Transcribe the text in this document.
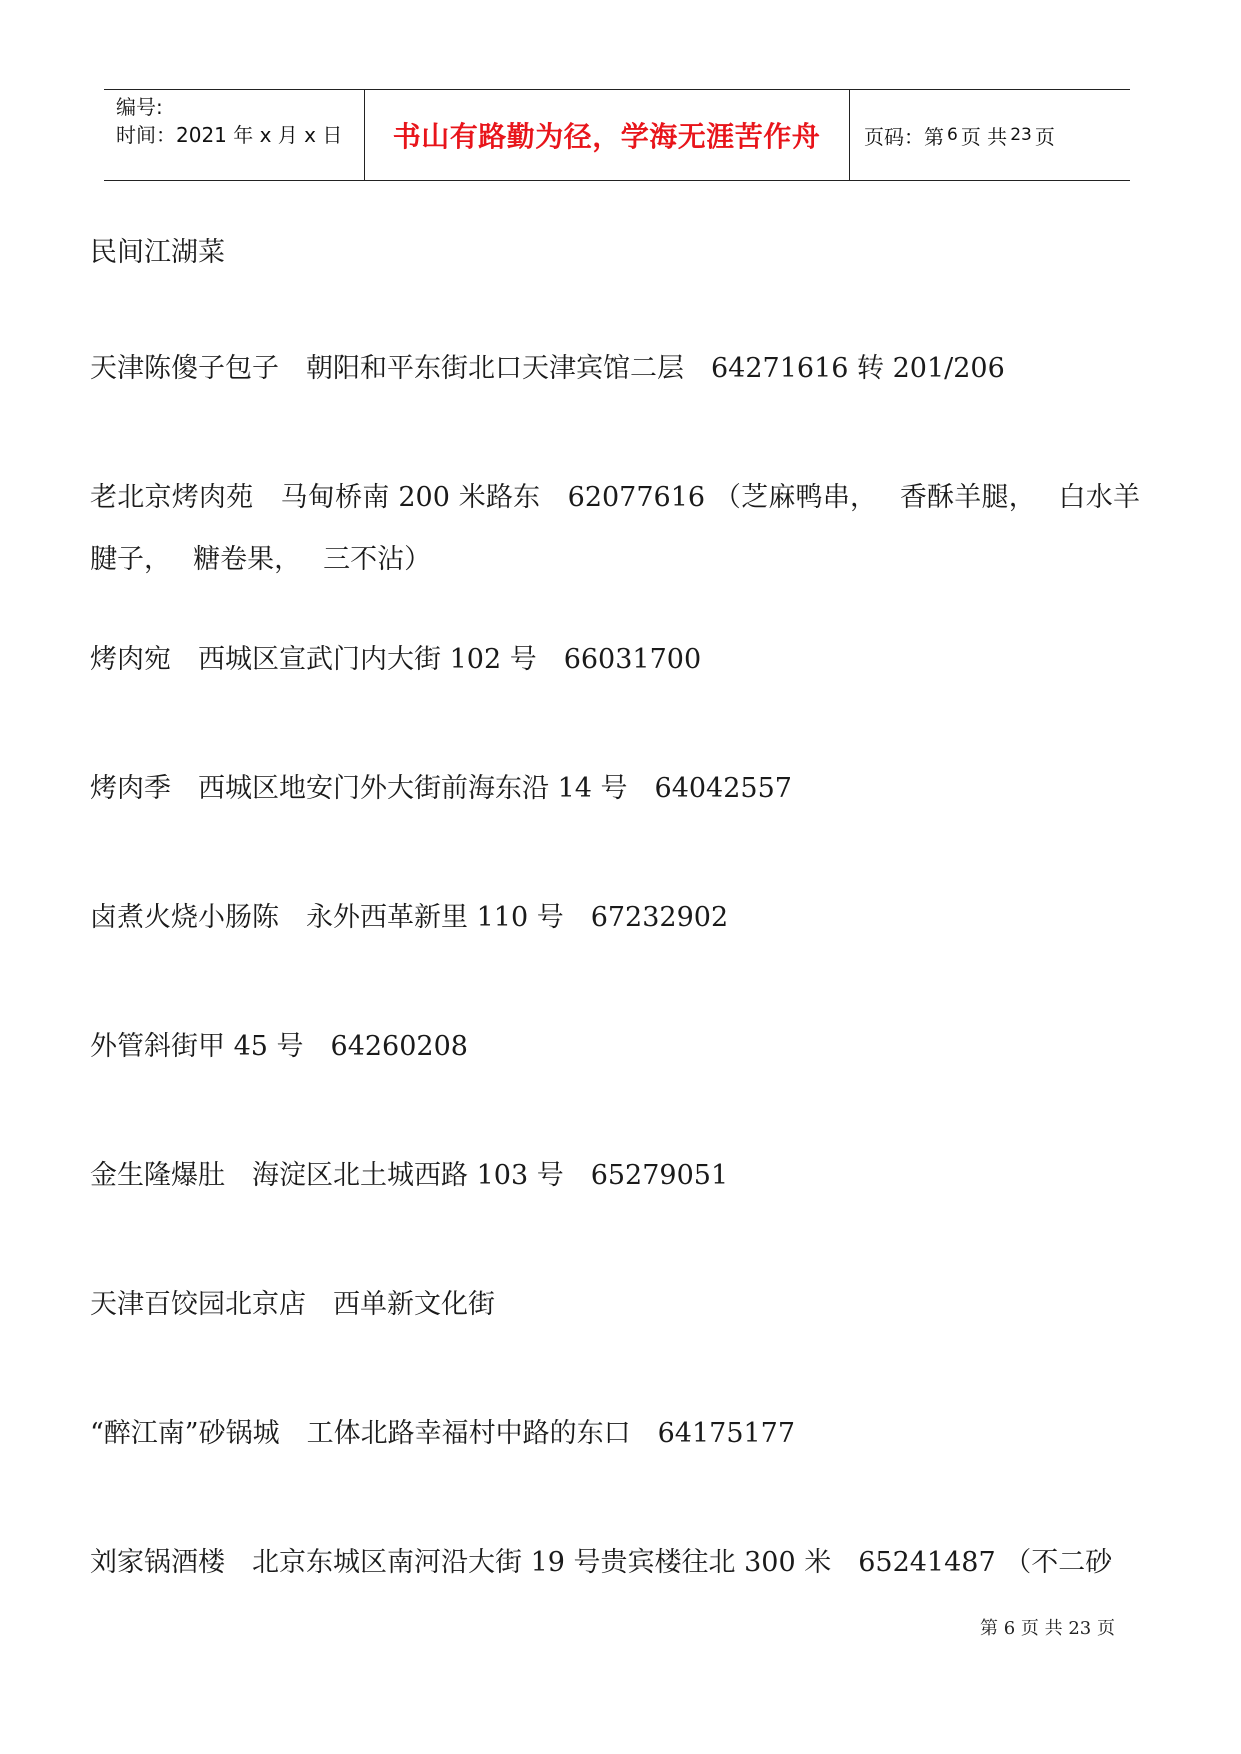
编号:
时间：2021 年 x 月 x 日	书山有路勤为径，学海无涯苦作舟	页码：第 6 页 共 23 页
民间江湖菜
天津陈傻子包子　朝阳和平东街北口天津宾馆二层　64271616 转 201/206
老北京烤肉苑　马甸桥南 200 米路东　62077616 （芝麻鸭串，　 香酥羊腿，　 白水羊腱子，　 糖卷果，　 三不沾）
烤肉宛　西城区宣武门内大街 102 号　66031700
烤肉季　西城区地安门外大街前海东沿 14 号　64042557
卤煮火烧小肠陈　永外西革新里 110 号　67232902
外管斜街甲 45 号　64260208
金生隆爆肚　海淀区北土城西路 103 号　65279051
天津百饺园北京店　西单新文化街
“醉江南”砂锅城　工体北路幸福村中路的东口　64175177
刘家锅酒楼　北京东城区南河沿大街 19 号贵宾楼往北 300 米　65241487 （不二砂
第 6 页 共 23 页
